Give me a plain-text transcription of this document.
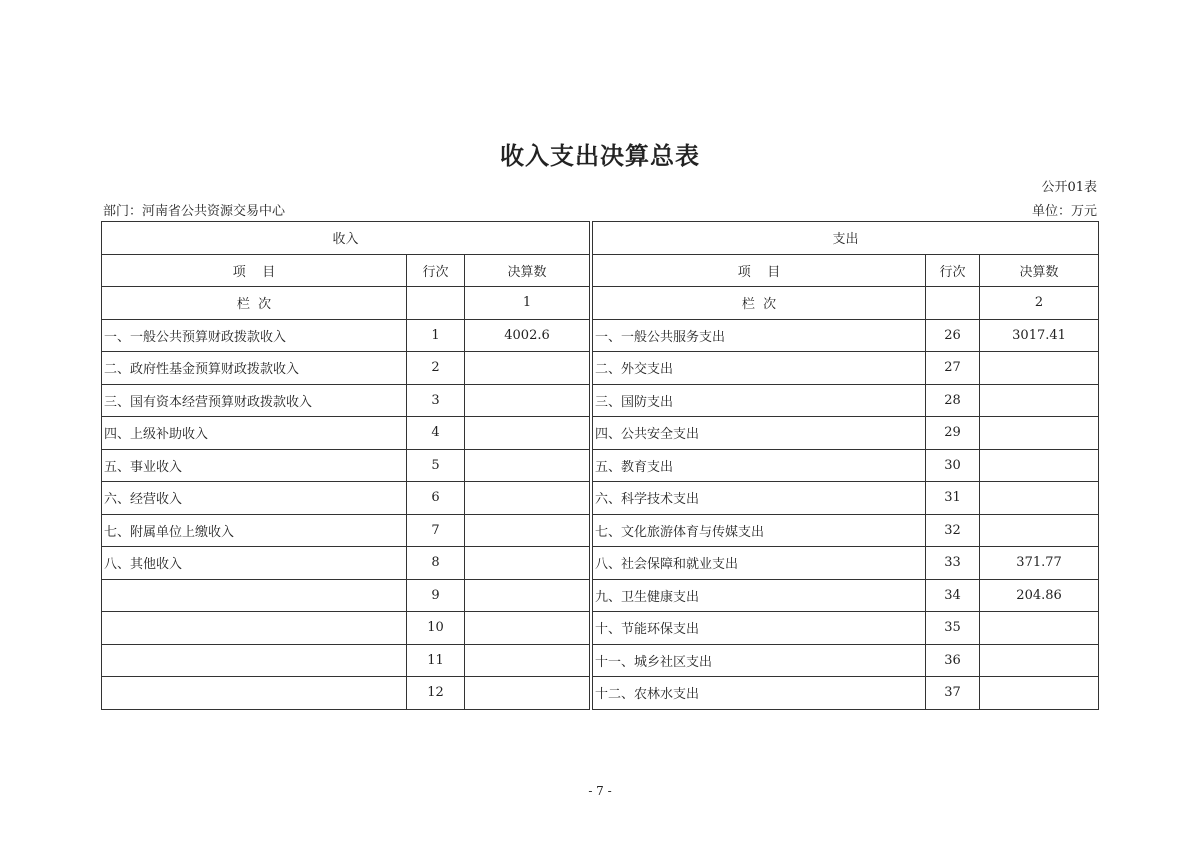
收入支出决算总表
公开01表
部门：河南省公共资源交易中心	单位：万元
收入				支出		
项    目	行次	决算数		项    目	行次	决算数
栏  次		1		栏  次		2
一、一般公共预算财政拨款收入	1	4002.6		一、一般公共服务支出	26	3017.41
二、政府性基金预算财政拨款收入	2			二、外交支出	27	
三、国有资本经营预算财政拨款收入	3			三、国防支出	28	
四、上级补助收入	4			四、公共安全支出	29	
五、事业收入	5			五、教育支出	30	
六、经营收入	6			六、科学技术支出	31	
七、附属单位上缴收入	7			七、文化旅游体育与传媒支出	32	
八、其他收入	8			八、社会保障和就业支出	33	371.77
	9			九、卫生健康支出	34	204.86
	10			十、节能环保支出	35	
	11			十一、城乡社区支出	36	
	12			十二、农林水支出	37	
- 7 -
